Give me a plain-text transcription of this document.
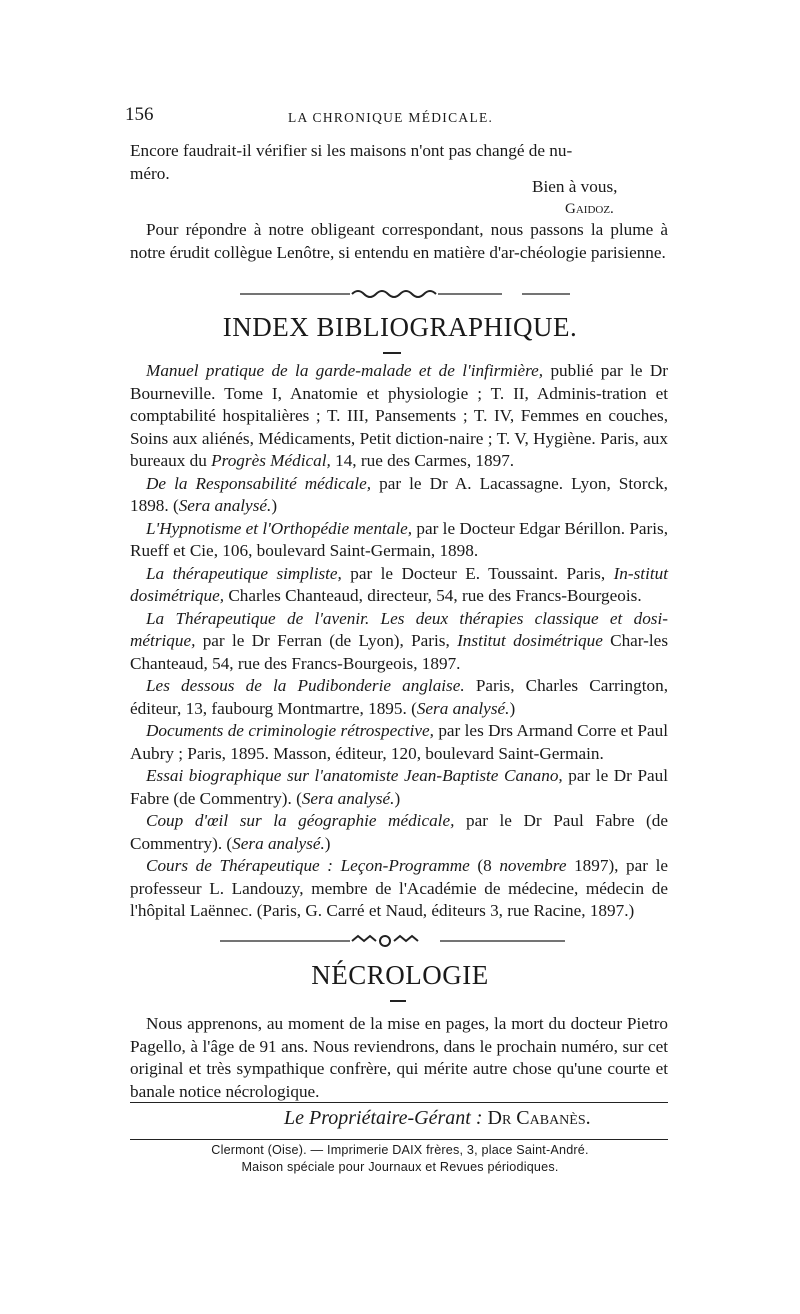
156	LA CHRONIQUE MÉDICALE.

Encore faudrait-il vérifier si les maisons n'ont pas changé de nu-

méro.

Bien à vous,
Gaidoz.

Pour répondre à notre obligeant correspondant, nous passons la plume à notre érudit collègue Lenôtre, si entendu en matière d'ar-chéologie parisienne.

INDEX BIBLIOGRAPHIQUE.

Manuel pratique de la garde-malade et de l'infirmière, publié par le Dr Bourneville. Tome I, Anatomie et physiologie ; T. II, Adminis-tration et comptabilité hospitalières ; T. III, Pansements ; T. IV, Femmes en couches, Soins aux aliénés, Médicaments, Petit diction-naire ; T. V, Hygiène. Paris, aux bureaux du Progrès Médical, 14, rue des Carmes, 1897.

De la Responsabilité médicale, par le Dr A. Lacassagne. Lyon, Storck, 1898. (Sera analysé.)

L'Hypnotisme et l'Orthopédie mentale, par le Docteur Edgar Bérillon. Paris, Rueff et Cie, 106, boulevard Saint-Germain, 1898.

La thérapeutique simpliste, par le Docteur E. Toussaint. Paris, In-stitut dosimétrique, Charles Chanteaud, directeur, 54, rue des Francs-Bourgeois.

La Thérapeutique de l'avenir. Les deux thérapies classique et dosi-métrique, par le Dr Ferran (de Lyon), Paris, Institut dosimétrique Char-les Chanteaud, 54, rue des Francs-Bourgeois, 1897.

Les dessous de la Pudibonderie anglaise. Paris, Charles Carrington, éditeur, 13, faubourg Montmartre, 1895. (Sera analysé.)

Documents de criminologie rétrospective, par les Drs Armand Corre et Paul Aubry ; Paris, 1895. Masson, éditeur, 120, boulevard Saint-Germain.

Essai biographique sur l'anatomiste Jean-Baptiste Canano, par le Dr Paul Fabre (de Commentry). (Sera analysé.)

Coup d'œil sur la géographie médicale, par le Dr Paul Fabre (de Commentry). (Sera analysé.)

Cours de Thérapeutique : Leçon-Programme (8 novembre 1897), par le professeur L. Landouzy, membre de l'Académie de médecine, médecin de l'hôpital Laënnec. (Paris, G. Carré et Naud, éditeurs 3, rue Racine, 1897.)

NÉCROLOGIE

Nous apprenons, au moment de la mise en pages, la mort du docteur Pietro Pagello, à l'âge de 91 ans. Nous reviendrons, dans le prochain numéro, sur cet original et très sympathique confrère, qui mérite autre chose qu'une courte et banale notice nécrologique.

Le Propriétaire-Gérant : Dr Cabanès.
Clermont (Oise). — Imprimerie DAIX frères, 3, place Saint-André.
Maison spéciale pour Journaux et Revues périodiques.
